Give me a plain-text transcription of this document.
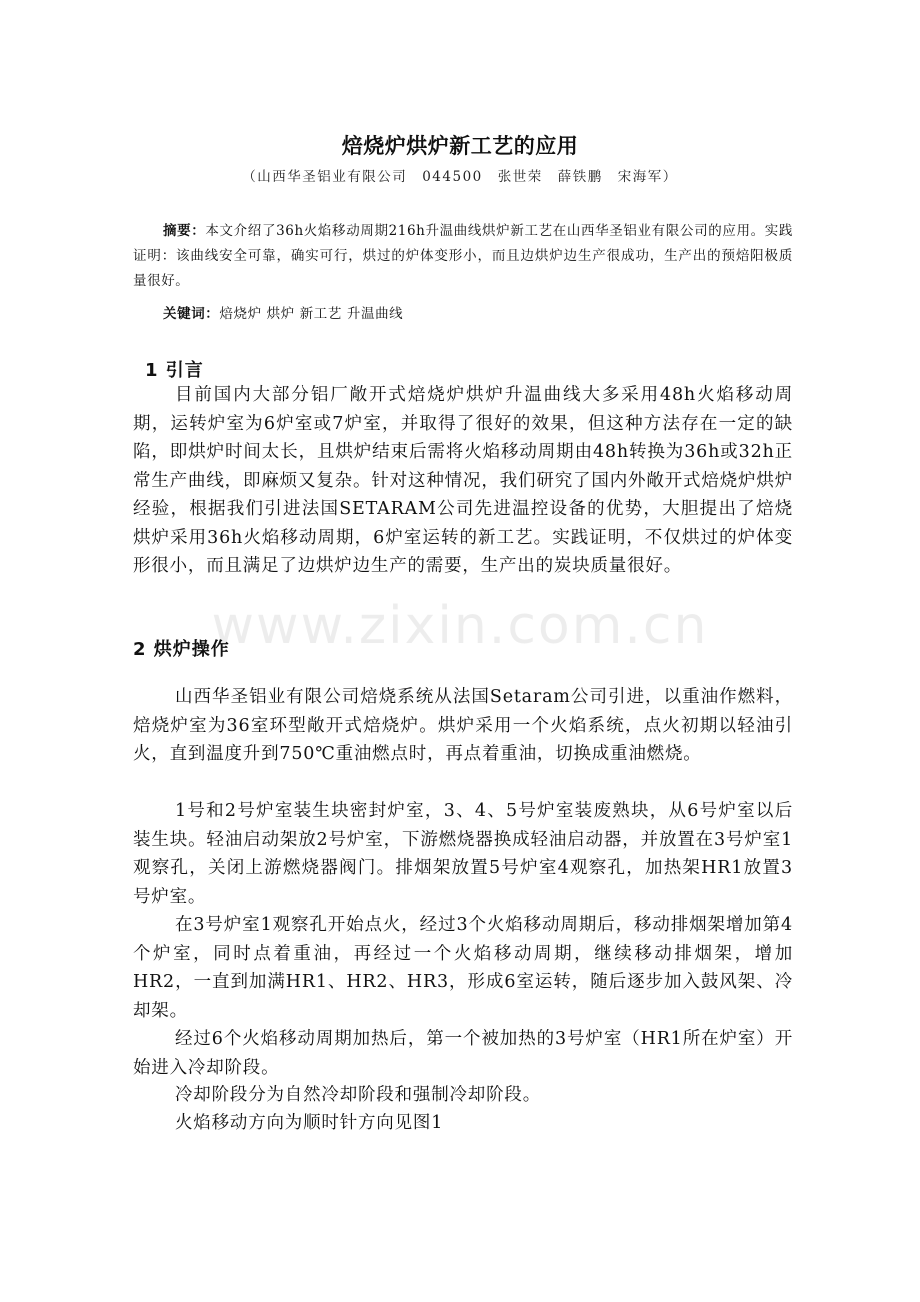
焙烧炉烘炉新工艺的应用
（山西华圣铝业有限公司　044500　张世荣　薛铁鹏　宋海军）

摘要：本文介绍了36h火焰移动周期216h升温曲线烘炉新工艺在山西华圣铝业有限公司的应用。实践证明：该曲线安全可靠，确实可行，烘过的炉体变形小，而且边烘炉边生产很成功，生产出的预焙阳极质量很好。

关键词：焙烧炉 烘炉 新工艺 升温曲线

1 引言

目前国内大部分铝厂敞开式焙烧炉烘炉升温曲线大多采用48h火焰移动周期，运转炉室为6炉室或7炉室，并取得了很好的效果，但这种方法存在一定的缺陷，即烘炉时间太长，且烘炉结束后需将火焰移动周期由48h转换为36h或32h正常生产曲线，即麻烦又复杂。针对这种情况，我们研究了国内外敞开式焙烧炉烘炉经验，根据我们引进法国SETARAM公司先进温控设备的优势，大胆提出了焙烧烘炉采用36h火焰移动周期，6炉室运转的新工艺。实践证明，不仅烘过的炉体变形很小，而且满足了边烘炉边生产的需要，生产出的炭块质量很好。

www.zixin.com.cn
2 烘炉操作

山西华圣铝业有限公司焙烧系统从法国Setaram公司引进，以重油作燃料，焙烧炉室为36室环型敞开式焙烧炉。烘炉采用一个火焰系统，点火初期以轻油引火，直到温度升到750℃重油燃点时，再点着重油，切换成重油燃烧。

1号和2号炉室装生块密封炉室，3、4、5号炉室装废熟块，从6号炉室以后装生块。轻油启动架放2号炉室，下游燃烧器换成轻油启动器，并放置在3号炉室1观察孔，关闭上游燃烧器阀门。排烟架放置5号炉室4观察孔，加热架HR1放置3号炉室。

在3号炉室1观察孔开始点火，经过3个火焰移动周期后，移动排烟架增加第4个炉室，同时点着重油，再经过一个火焰移动周期，继续移动排烟架，增加HR2，一直到加满HR1、HR2、HR3，形成6室运转，随后逐步加入鼓风架、冷却架。

经过6个火焰移动周期加热后，第一个被加热的3号炉室（HR1所在炉室）开始进入冷却阶段。

冷却阶段分为自然冷却阶段和强制冷却阶段。

火焰移动方向为顺时针方向见图1
